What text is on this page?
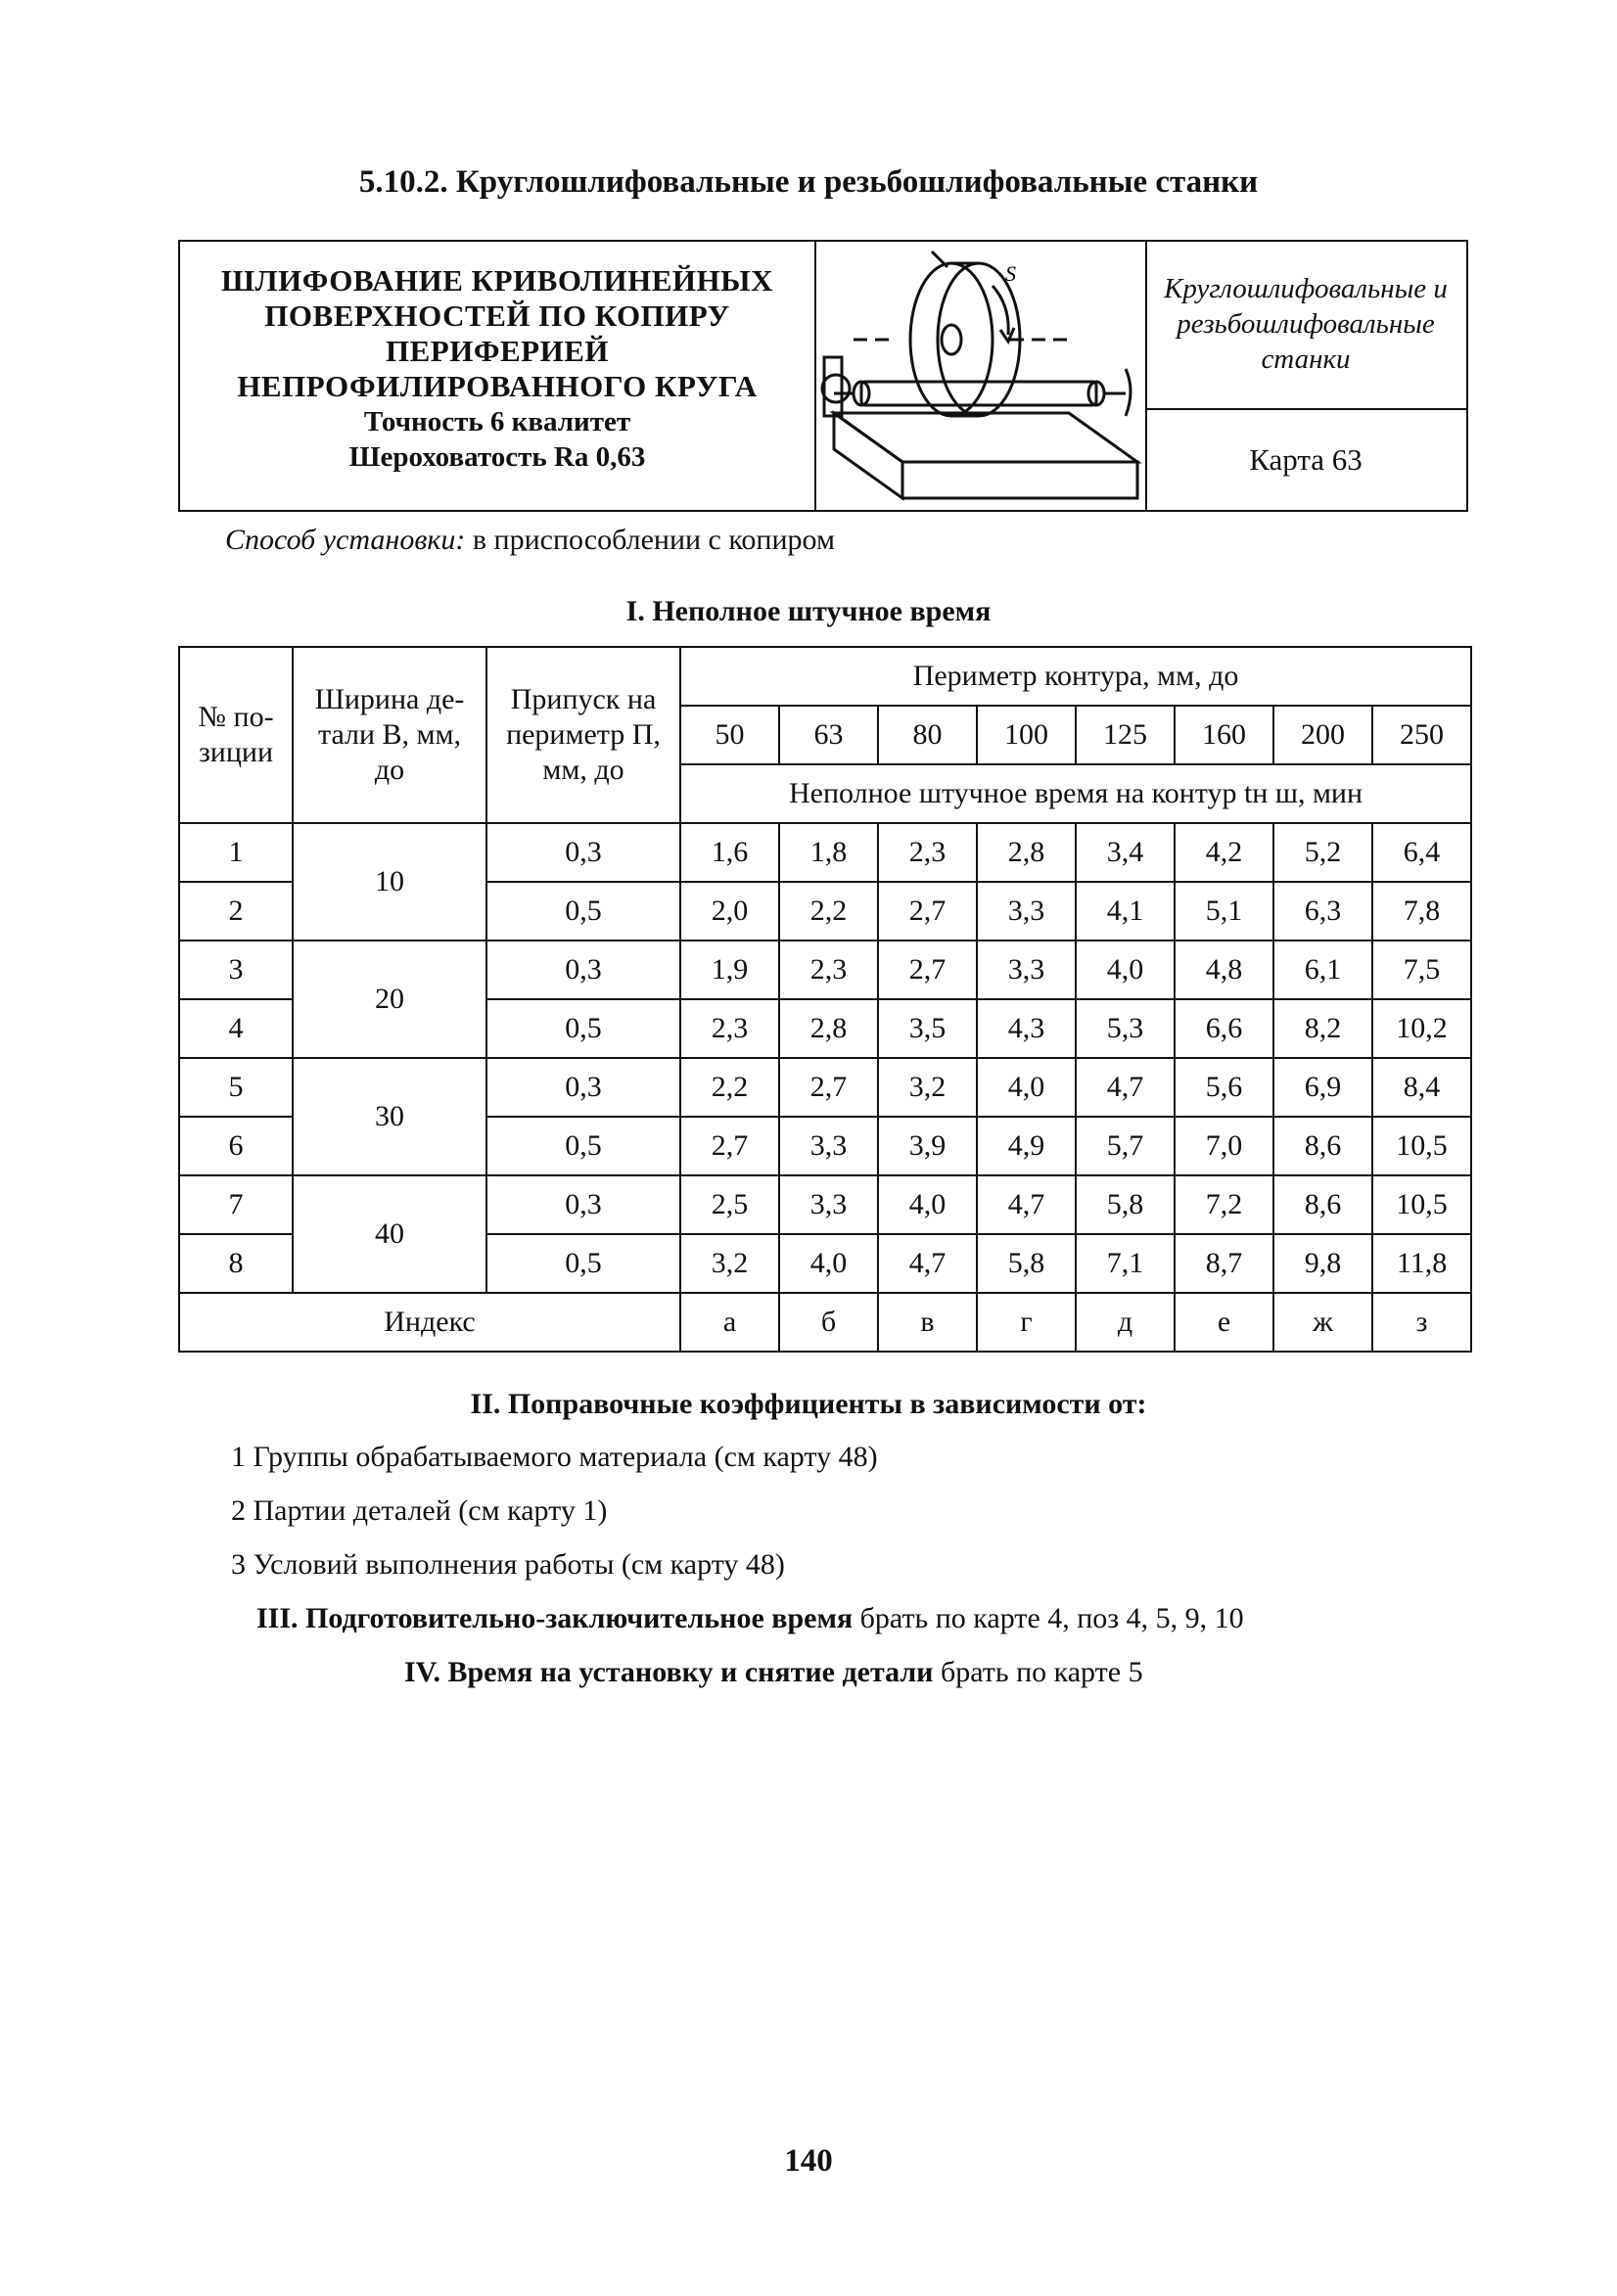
5.10.2. Круглошлифовальные и резьбошлифовальные станки
ШЛИФОВАНИЕ КРИВОЛИНЕЙНЫХ
ПОВЕРХНОСТЕЙ ПО КОПИРУ
ПЕРИФЕРИЕЙ
НЕПРОФИЛИРОВАННОГО КРУГА
Точность 6 квалитет
Шероховатость Ra 0,63
S	Круглошлифовальные и
резьбошлифовальные
станки
Карта 63
Способ установки: в приспособлении с копиром
I. Неполное штучное время
№ по-
зиции	Ширина де-
тали В, мм,
до	Припуск на
периметр П,
мм, до	Периметр контура, мм, до							
			50	63	80	100	125	160	200	250
			Неполное штучное время на контур tн ш, мин							
1	10	0,3	1,6	1,8	2,3	2,8	3,4	4,2	5,2	6,4
2		0,5	2,0	2,2	2,7	3,3	4,1	5,1	6,3	7,8
3	20	0,3	1,9	2,3	2,7	3,3	4,0	4,8	6,1	7,5
4		0,5	2,3	2,8	3,5	4,3	5,3	6,6	8,2	10,2
5	30	0,3	2,2	2,7	3,2	4,0	4,7	5,6	6,9	8,4
6		0,5	2,7	3,3	3,9	4,9	5,7	7,0	8,6	10,5
7	40	0,3	2,5	3,3	4,0	4,7	5,8	7,2	8,6	10,5
8		0,5	3,2	4,0	4,7	5,8	7,1	8,7	9,8	11,8
Индекс			а	б	в	г	д	е	ж	з
II. Поправочные коэффициенты в зависимости от:
1 Группы обрабатываемого материала (см карту 48)
2 Партии деталей (см карту 1)
3 Условий выполнения работы (см карту 48)
III. Подготовительно-заключительное время брать по карте 4, поз 4, 5, 9, 10
IV. Время на установку и снятие детали брать по карте 5
140
